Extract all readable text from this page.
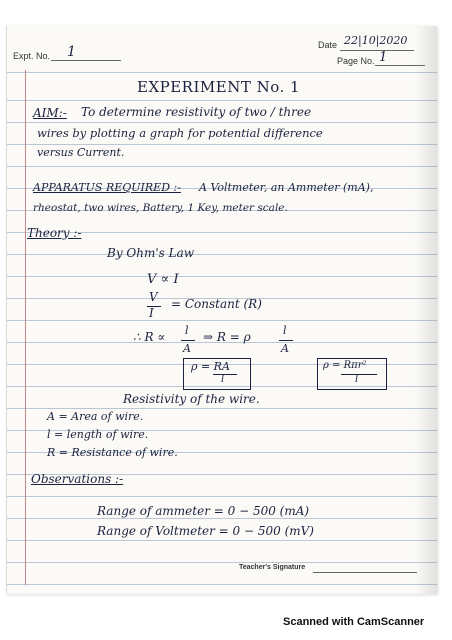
Expt. No. 1
Page No. 1
EXPERIMENT No. 1
AIM:- To determine resistivity of two / three
wires by plotting a graph for potential difference
versus Current.
APPARATUS REQUIRED :- A Voltmeter, an Ammeter (mA),
rheostat, two wires, Battery, 1 Key, meter scale.
Theory :-
By Ohm's Law
V ∝ I
V
I
= Constant (R)
∴ R ∝ l
A
⇒ R = ρ	l
A
ρ = RA
l
ρ = Rπr²
l
Resistivity of the wire.
A = Area of wire.
l = length of wire.
R = Resistance of wire.
Observations :-
Range of ammeter = 0 − 500 (mA)
Range of Voltmeter = 0 − 500 (mV)
Teacher's Signature
Date 22|10|2020
Scanned with CamScanner
